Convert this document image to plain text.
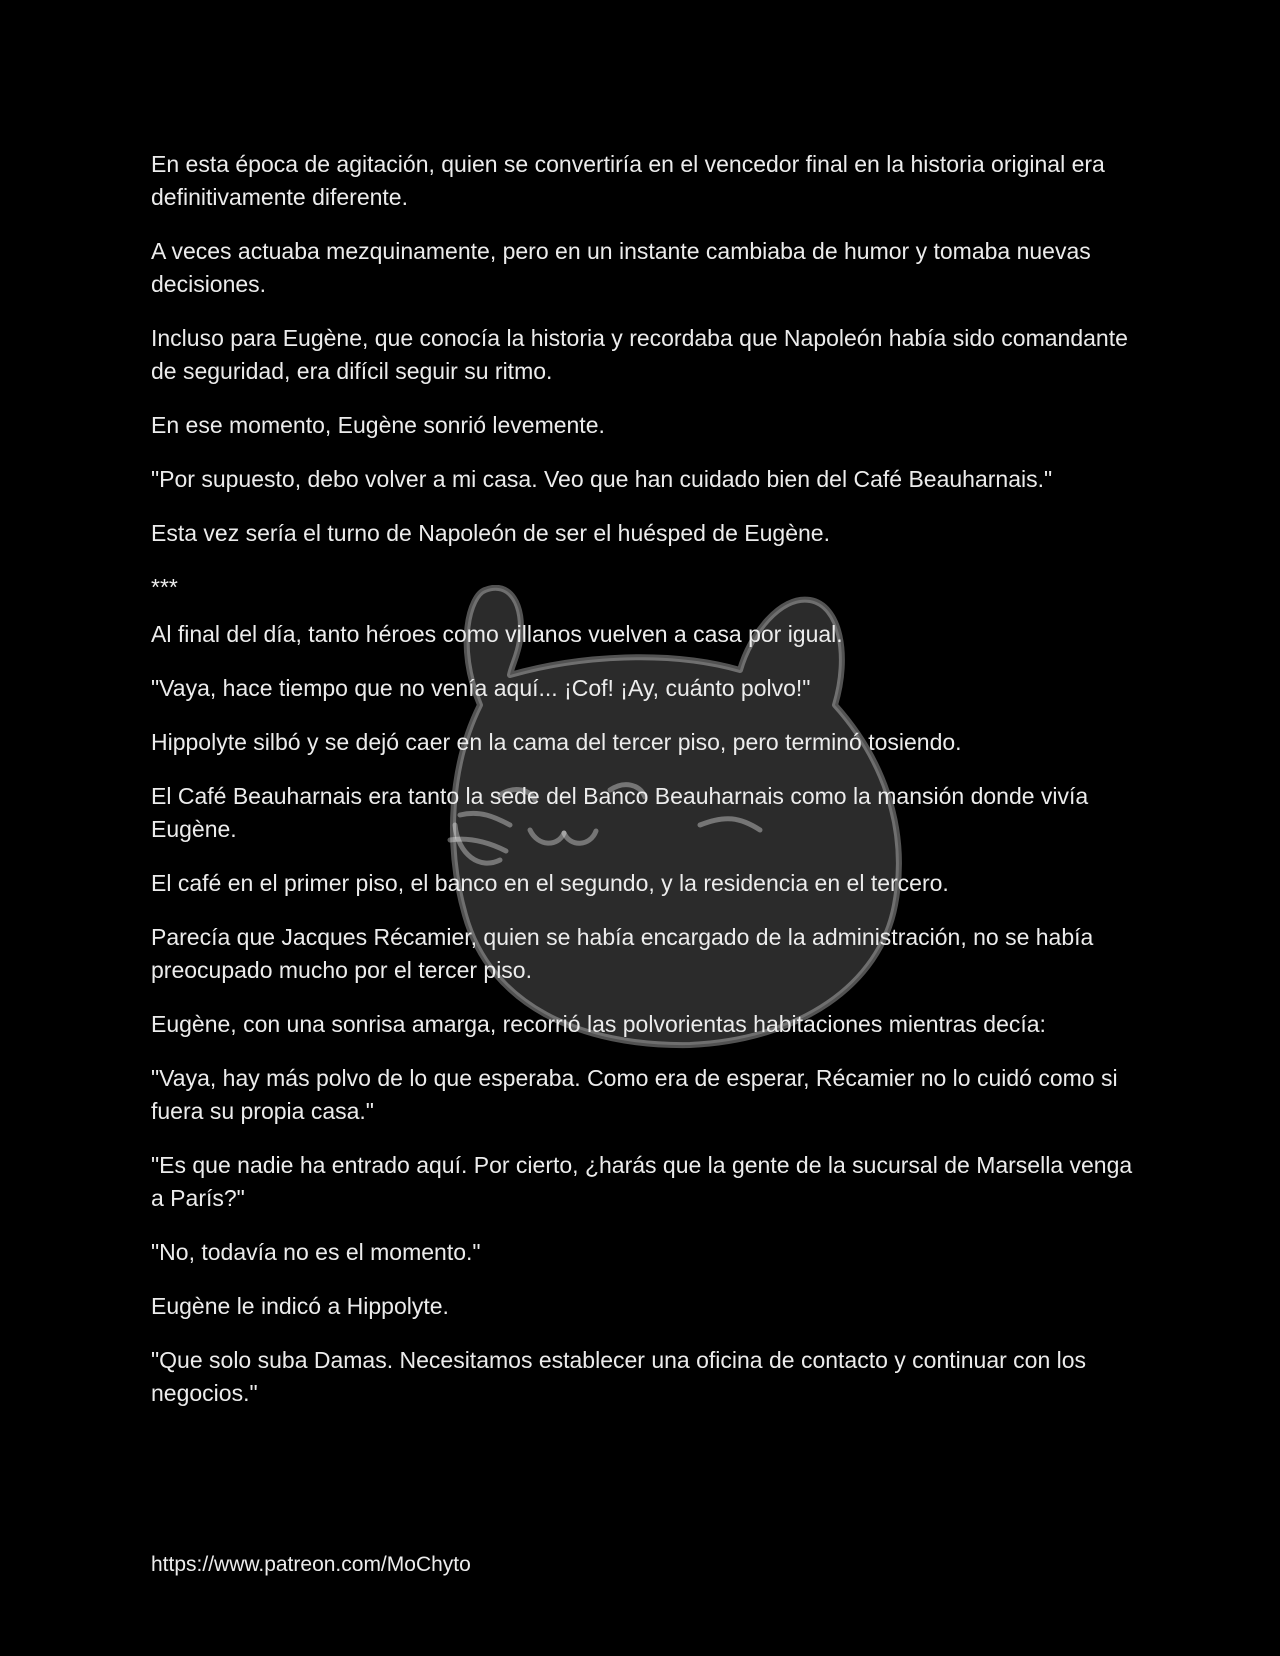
En esta época de agitación, quien se convertiría en el vencedor final en la historia original era definitivamente diferente.

A veces actuaba mezquinamente, pero en un instante cambiaba de humor y tomaba nuevas decisiones.

Incluso para Eugène, que conocía la historia y recordaba que Napoleón había sido comandante de seguridad, era difícil seguir su ritmo.

En ese momento, Eugène sonrió levemente.

"Por supuesto, debo volver a mi casa. Veo que han cuidado bien del Café Beauharnais."

Esta vez sería el turno de Napoleón de ser el huésped de Eugène.

***

Al final del día, tanto héroes como villanos vuelven a casa por igual.

"Vaya, hace tiempo que no venía aquí... ¡Cof! ¡Ay, cuánto polvo!"

Hippolyte silbó y se dejó caer en la cama del tercer piso, pero terminó tosiendo.

El Café Beauharnais era tanto la sede del Banco Beauharnais como la mansión donde vivía Eugène.

El café en el primer piso, el banco en el segundo, y la residencia en el tercero.

Parecía que Jacques Récamier, quien se había encargado de la administración, no se había preocupado mucho por el tercer piso.

Eugène, con una sonrisa amarga, recorrió las polvorientas habitaciones mientras decía:

"Vaya, hay más polvo de lo que esperaba. Como era de esperar, Récamier no lo cuidó como si fuera su propia casa."

"Es que nadie ha entrado aquí. Por cierto, ¿harás que la gente de la sucursal de Marsella venga a París?"

"No, todavía no es el momento."

Eugène le indicó a Hippolyte.

"Que solo suba Damas. Necesitamos establecer una oficina de contacto y continuar con los negocios."

https://www.patreon.com/MoChyto
